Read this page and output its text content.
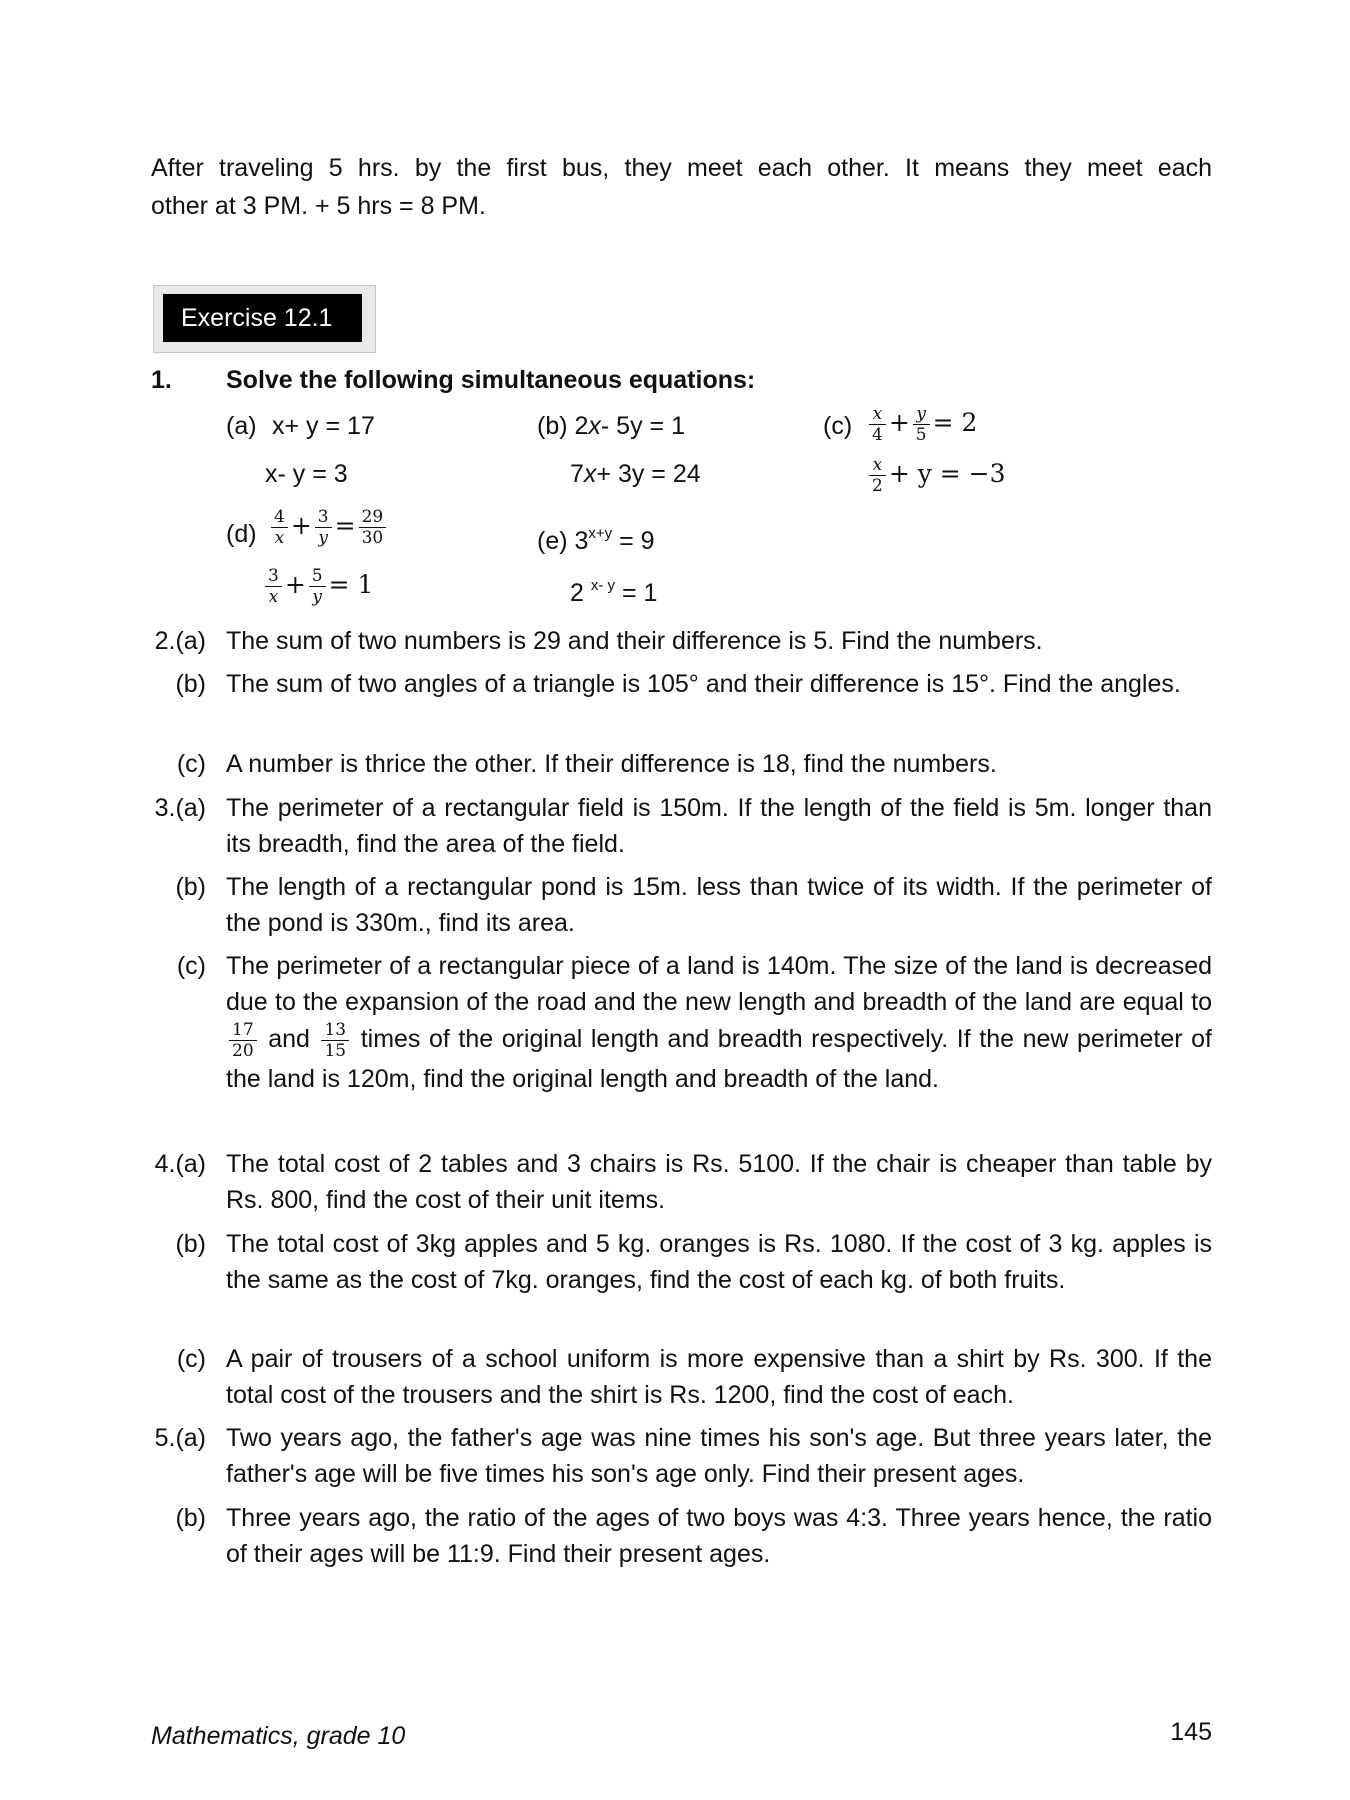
After traveling 5 hrs. by the first bus, they meet each other. It means they meet each
other at 3 PM. + 5 hrs = 8 PM.
Exercise 12.1
1. Solve the following simultaneous equations:
(a) x+ y = 17
x- y = 3
(b) 2x- 5y = 1
7x+ 3y = 24
$(c) \frac{x}{4} + \frac{y}{5} = 2$
$\frac{x}{2} + y = -3$
$(d) \frac{4}{x} + \frac{3}{y} = \frac{29}{30}$
$\frac{3}{x} + \frac{5}{y} = 1$
(e) $3^{x+y} = 9$
2 $^{x- y}$ = 1
2.(a) The sum of two numbers is 29 and their difference is 5. Find the numbers.
(b) The sum of two angles of a triangle is 105° and their difference is 15°. Find the angles.
(c) A number is thrice the other. If their difference is 18, find the numbers.
3.(a) The perimeter of a rectangular field is 150m. If the length of the field is 5m. longer than its breadth, find the area of the field.
(b) The length of a rectangular pond is 15m. less than twice of its width. If the perimeter of the pond is 330m., find its area.
(c) The perimeter of a rectangular piece of a land is 140m. The size of the land is decreased due to the expansion of the road and the new length and breadth of the land are equal to
$\frac{17}{20}$ and $\frac{13}{15}$ times of the original length and breadth respectively. If the new perimeter of the land is 120m, find the original length and breadth of the land.
4.(a) The total cost of 2 tables and 3 chairs is Rs. 5100. If the chair is cheaper than table by Rs. 800, find the cost of their unit items.
(b) The total cost of 3kg apples and 5 kg. oranges is Rs. 1080. If the cost of 3 kg. apples is the same as the cost of 7kg. oranges, find the cost of each kg. of both fruits.
(c) A pair of trousers of a school uniform is more expensive than a shirt by Rs. 300. If the total cost of the trousers and the shirt is Rs. 1200, find the cost of each.
5.(a) Two years ago, the father's age was nine times his son's age. But three years later, the father's age will be five times his son's age only. Find their present ages.
(b) Three years ago, the ratio of the ages of two boys was 4:3. Three years hence, the ratio of their ages will be 11:9. Find their present ages.
Mathematics, grade 10	145
